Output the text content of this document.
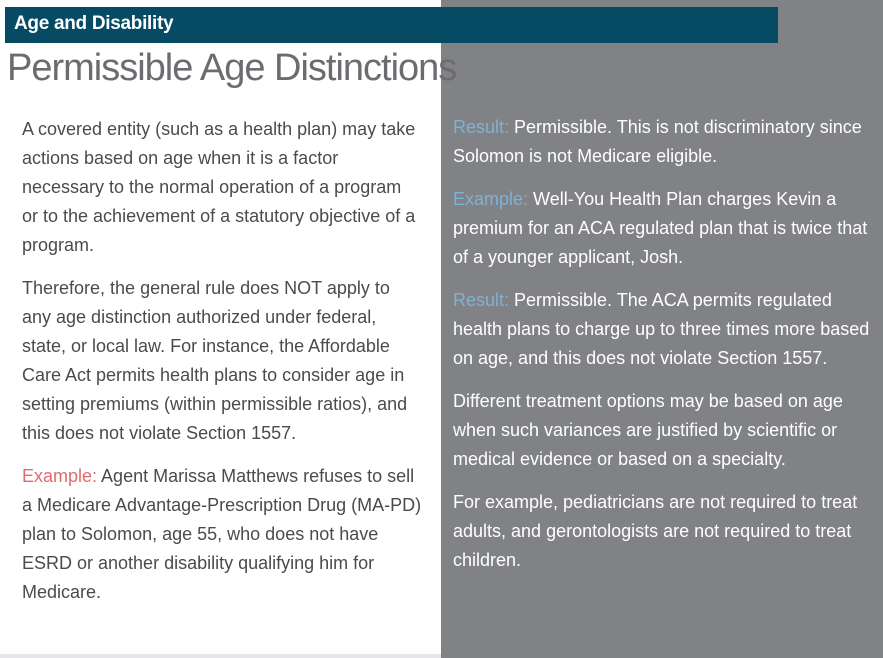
Age and Disability
Permissible Age Distinctions

A covered entity (such as a health plan) may take actions based on age when it is a factor necessary to the normal operation of a program or to the achievement of a statutory objective of a program.

Therefore, the general rule does NOT apply to any age distinction authorized under federal, state, or local law. For instance, the Affordable Care Act permits health plans to consider age in setting premiums (within permissible ratios), and this does not violate Section 1557.

Example: Agent Marissa Matthews refuses to sell a Medicare Advantage-Prescription Drug (MA-PD) plan to Solomon, age 55, who does not have ESRD or another disability qualifying him for Medicare.

Result: Permissible. This is not discriminatory since Solomon is not Medicare eligible.

Example: Well-You Health Plan charges Kevin a premium for an ACA regulated plan that is twice that of a younger applicant, Josh.

Result: Permissible. The ACA permits regulated health plans to charge up to three times more based on age, and this does not violate Section 1557.

Different treatment options may be based on age when such variances are justified by scientific or medical evidence or based on a specialty.

For example, pediatricians are not required to treat adults, and gerontologists are not required to treat children.
